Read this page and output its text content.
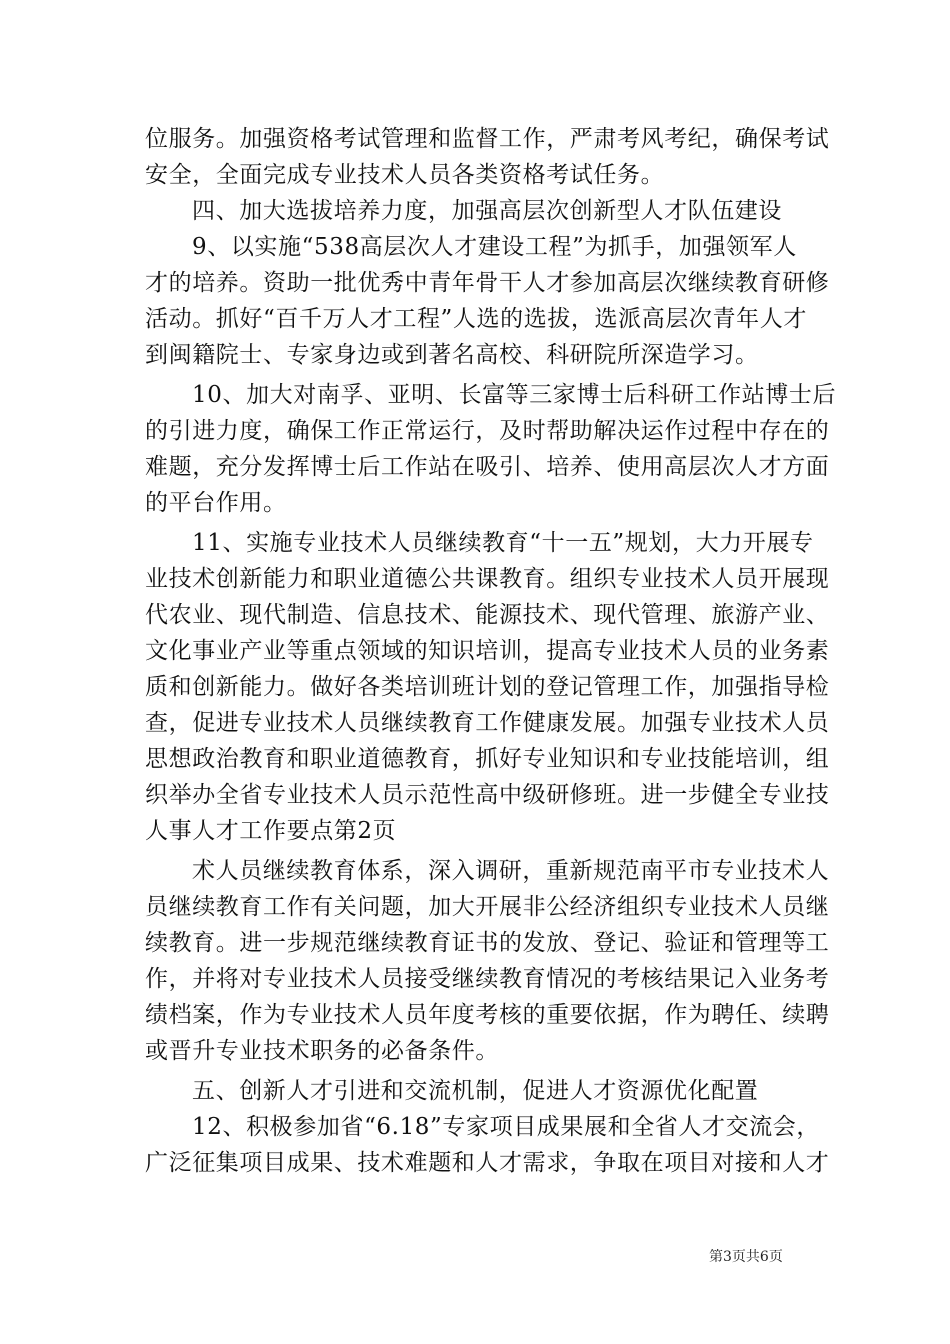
位服务。加强资格考试管理和监督工作，严肃考风考纪，确保考试
安全，全面完成专业技术人员各类资格考试任务。
四、加大选拔培养力度，加强高层次创新型人才队伍建设
9、以实施“538高层次人才建设工程”为抓手，加强领军人
才的培养。资助一批优秀中青年骨干人才参加高层次继续教育研修
活动。抓好“百千万人才工程”人选的选拔，选派高层次青年人才
到闽籍院士、专家身边或到著名高校、科研院所深造学习。
10、加大对南孚、亚明、长富等三家博士后科研工作站博士后
的引进力度，确保工作正常运行，及时帮助解决运作过程中存在的
难题，充分发挥博士后工作站在吸引、培养、使用高层次人才方面
的平台作用。
11、实施专业技术人员继续教育“十一五”规划，大力开展专
业技术创新能力和职业道德公共课教育。组织专业技术人员开展现
代农业、现代制造、信息技术、能源技术、现代管理、旅游产业、
文化事业产业等重点领域的知识培训，提高专业技术人员的业务素
质和创新能力。做好各类培训班计划的登记管理工作，加强指导检
查，促进专业技术人员继续教育工作健康发展。加强专业技术人员
思想政治教育和职业道德教育，抓好专业知识和专业技能培训，组
织举办全省专业技术人员示范性高中级研修班。进一步健全专业技
人事人才工作要点第2页
术人员继续教育体系，深入调研，重新规范南平市专业技术人
员继续教育工作有关问题，加大开展非公经济组织专业技术人员继
续教育。进一步规范继续教育证书的发放、登记、验证和管理等工
作，并将对专业技术人员接受继续教育情况的考核结果记入业务考
绩档案，作为专业技术人员年度考核的重要依据，作为聘任、续聘
或晋升专业技术职务的必备条件。
五、创新人才引进和交流机制，促进人才资源优化配置
12、积极参加省“6.18”专家项目成果展和全省人才交流会，
广泛征集项目成果、技术难题和人才需求，争取在项目对接和人才
第3页共6页
